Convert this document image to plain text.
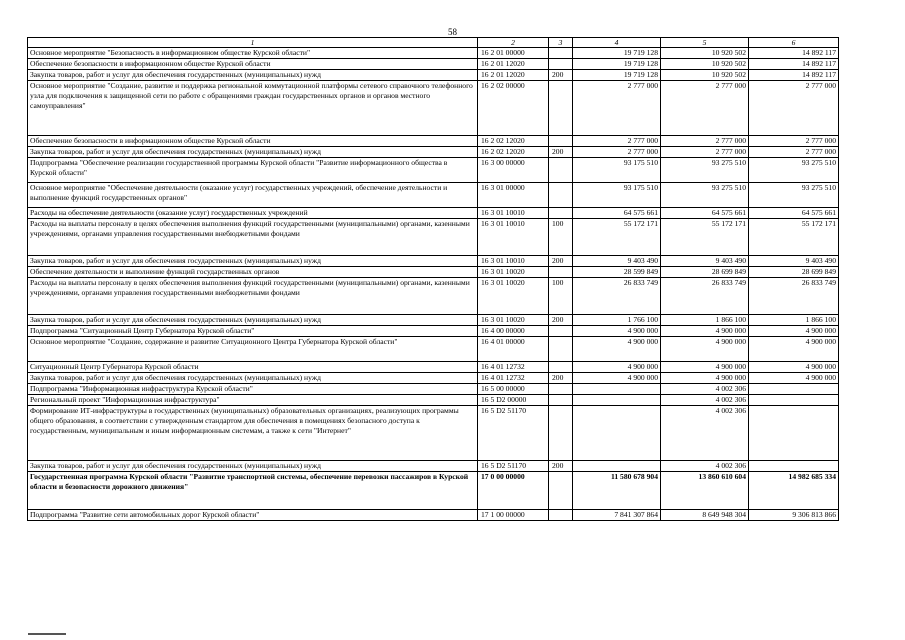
58
1	2	3	4	5	6
Основное мероприятие "Безопасность в информационном обществе Курской области"	16 2 01 00000		19 719 128	10 920 502	14 892 117
Обеспечение безопасности в информационном обществе Курской области	16 2 01 12020		19 719 128	10 920 502	14 892 117
Закупка товаров, работ и услуг для обеспечения государственных (муниципальных) нужд	16 2 01 12020	200	19 719 128	10 920 502	14 892 117
Основное мероприятие "Создание, развитие и поддержка региональной коммутационной платформы сетевого справочного телефонного узла для подключения к защищенной сети по работе с обращениями граждан государственных органов и органов местного самоуправления"	16 2 02 00000		2 777 000	2 777 000	2 777 000
Обеспечение безопасности в информационном обществе Курской области	16 2 02 12020		2 777 000	2 777 000	2 777 000
Закупка товаров, работ и услуг для обеспечения государственных (муниципальных) нужд	16 2 02 12020	200	2 777 000	2 777 000	2 777 000
Подпрограмма "Обеспечение реализации государственной программы Курской области "Развитие информационного общества в Курской области"	16 3 00 00000		93 175 510	93 275 510	93 275 510
Основное мероприятие "Обеспечение деятельности (оказание услуг) государственных учреждений, обеспечение деятельности и выполнение функций государственных органов"	16 3 01 00000		93 175 510	93 275 510	93 275 510
Расходы на обеспечение деятельности (оказание услуг) государственных учреждений	16 3 01 10010		64 575 661	64 575 661	64 575 661
Расходы на выплаты персоналу в целях обеспечения выполнения функций государственными (муниципальными) органами, казенными учреждениями, органами управления государственными внебюджетными фондами	16 3 01 10010	100	55 172 171	55 172 171	55 172 171
Закупка товаров, работ и услуг для обеспечения государственных (муниципальных) нужд	16 3 01 10010	200	9 403 490	9 403 490	9 403 490
Обеспечение деятельности и выполнение функций государственных органов	16 3 01 10020		28 599 849	28 699 849	28 699 849
Расходы на выплаты персоналу в целях обеспечения выполнения функций государственными (муниципальными) органами, казенными учреждениями, органами управления государственными внебюджетными фондами	16 3 01 10020	100	26 833 749	26 833 749	26 833 749
Закупка товаров, работ и услуг для обеспечения государственных (муниципальных) нужд	16 3 01 10020	200	1 766 100	1 866 100	1 866 100
Подпрограмма "Ситуационный Центр Губернатора Курской области"	16 4 00 00000		4 900 000	4 900 000	4 900 000
Основное мероприятие "Создание, содержание и развитие Ситуационного Центра Губернатора Курской области"	16 4 01 00000		4 900 000	4 900 000	4 900 000
Ситуационный Центр Губернатора Курской области	16 4 01 12732		4 900 000	4 900 000	4 900 000
Закупка товаров, работ и услуг для обеспечения государственных (муниципальных) нужд	16 4 01 12732	200	4 900 000	4 900 000	4 900 000
Подпрограмма "Информационная инфраструктура Курской области"	16 5 00 00000			4 002 306	
Региональный проект "Информационная инфраструктура"	16 5 D2 00000			4 002 306	
Формирование ИТ-инфраструктуры в государственных (муниципальных) образовательных организациях, реализующих программы общего образования, в соответствии с утвержденным стандартом для обеспечения в помещениях безопасного доступа к государственным, муниципальным и иным информационным системам, а также к сети "Интернет"	16 5 D2 51170			4 002 306	
Закупка товаров, работ и услуг для обеспечения государственных (муниципальных) нужд	16 5 D2 51170	200		4 002 306	
Государственная программа Курской области "Развитие транспортной системы, обеспечение перевозки пассажиров в Курской области и безопасности дорожного движения"	17 0 00 00000		11 580 678 904	13 860 610 604	14 982 685 334
Подпрограмма "Развитие сети автомобильных дорог Курской области"	17 1 00 00000		7 841 307 864	8 649 948 304	9 306 813 866
